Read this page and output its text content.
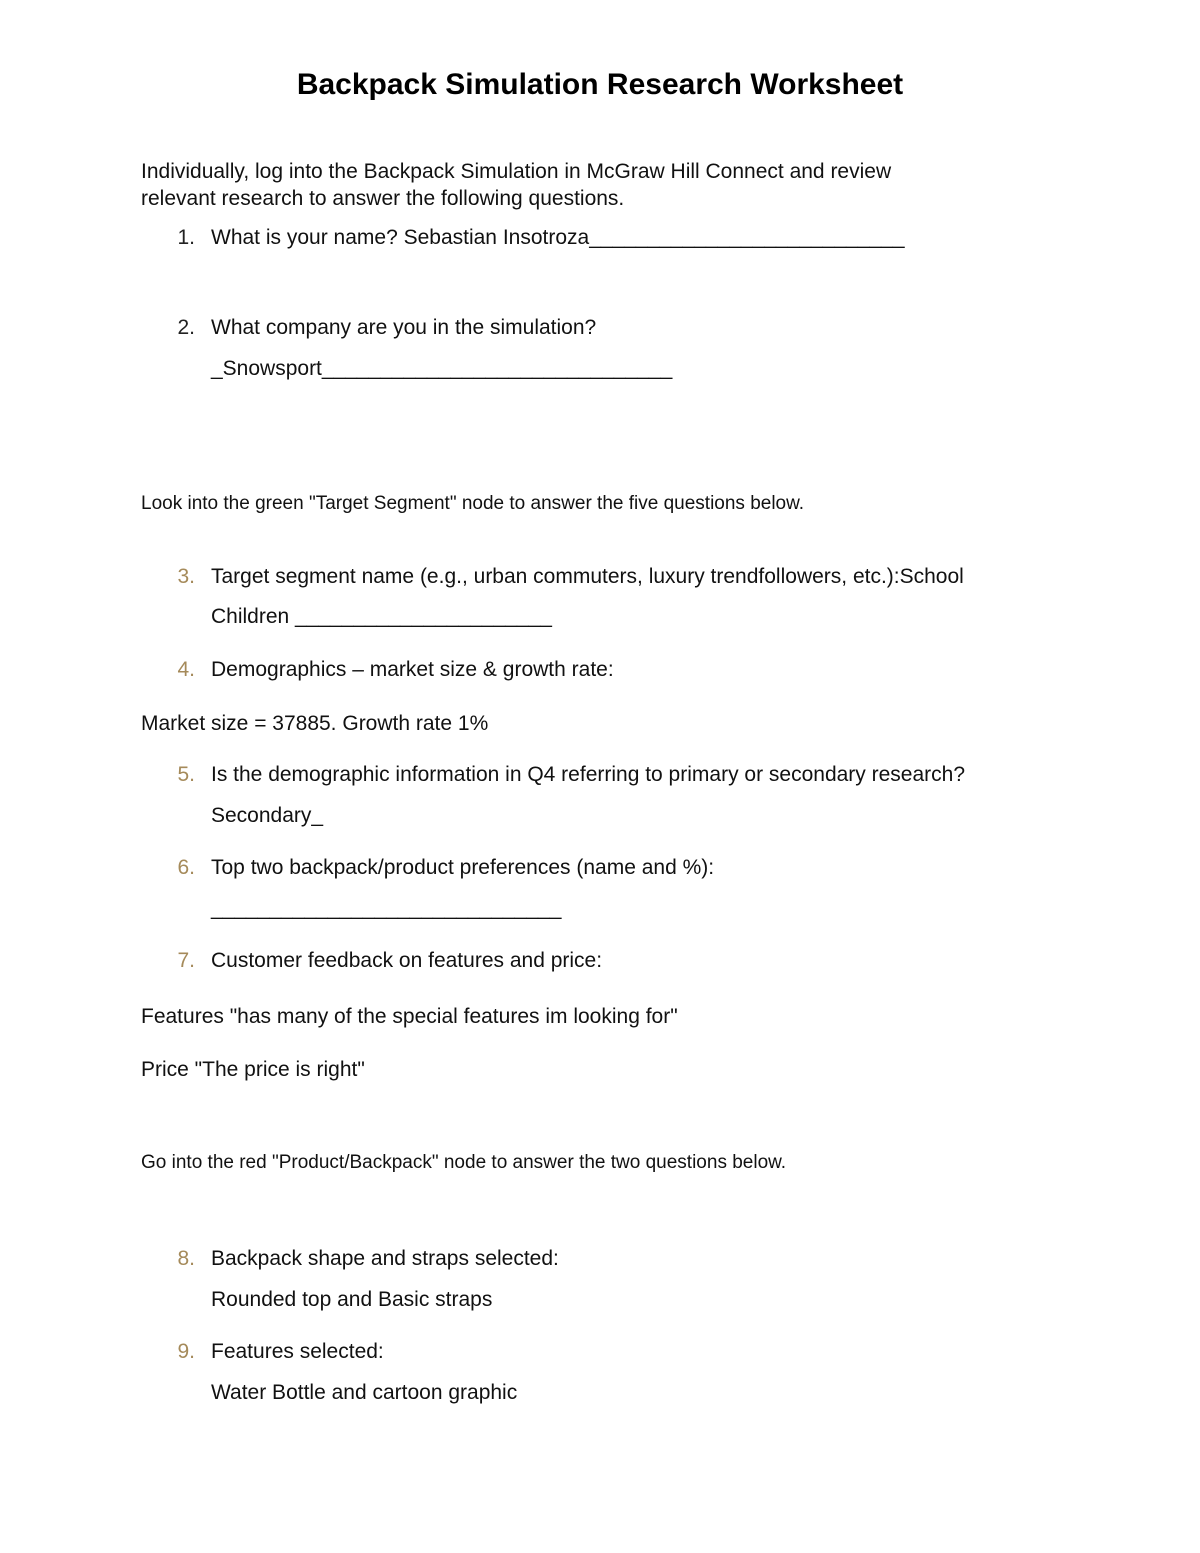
Backpack Simulation Research Worksheet
Individually, log into the Backpack Simulation in McGraw Hill Connect and review
relevant research to answer the following questions.
1. What is your name? Sebastian Insotroza___________________________
2. What company are you in the simulation?
_Snowsport______________________________
Look into the green "Target Segment" node to answer the five questions below.
3. Target segment name (e.g., urban commuters, luxury trendfollowers, etc.):School
Children ______________________
4. Demographics – market size & growth rate:
Market size = 37885. Growth rate 1%
5. Is the demographic information in Q4 referring to primary or secondary research?
Secondary_
6. Top two backpack/product preferences (name and %):
______________________________
7. Customer feedback on features and price:
Features "has many of the special features im looking for"
Price "The price is right"
Go into the red "Product/Backpack" node to answer the two questions below.
8. Backpack shape and straps selected:
Rounded top and Basic straps
9. Features selected:
Water Bottle and cartoon graphic
